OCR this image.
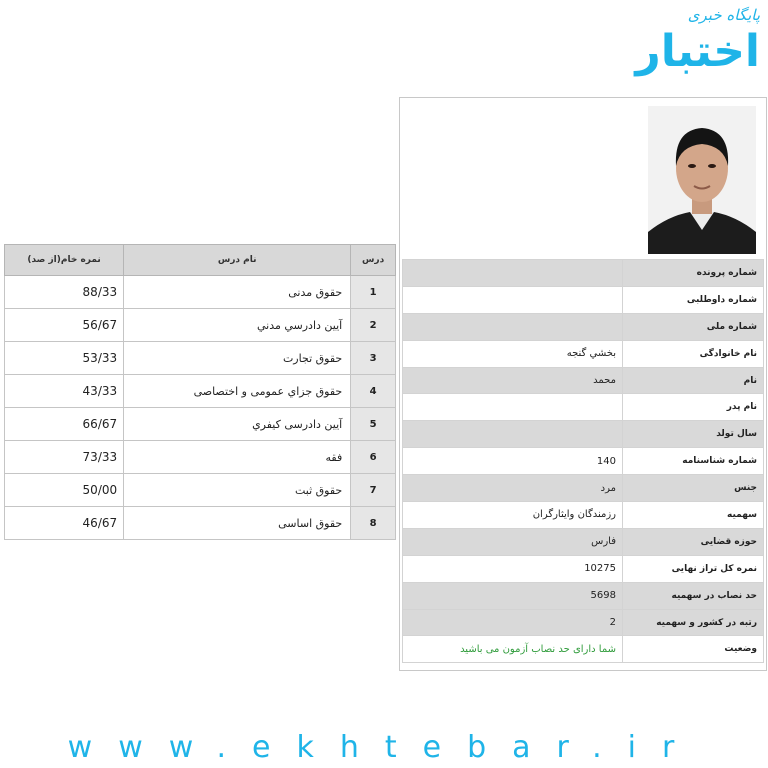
پایگاه خبری
اختبار
نمره خام(از صد)	نام درس	درس
88/33	حقوق مدنی	1
56/67	آيين دادرسي مدني	2
53/33	حقوق تجارت	3
43/33	حقوق جزاي عمومی و اختصاصی	4
66/67	آيين دادرسی كيفري	5
73/33	فقه	6
50/00	حقوق ثبت	7
46/67	حقوق اساسی	8
	شماره پرونده
	شماره داوطلبی
	شماره ملی
بخشي گنجه	نام خانوادگی
محمد	نام
	نام پدر
	سال تولد
140	شماره شناسنامه
مرد	جنس
رزمندگان وايثارگران	سهمیه
فارس	حوزه قضایی
10275	نمره کل تراز نهایی
5698	حد نصاب در سهمیه
2	رتبه در کشور و سهمیه
شما دارای حد نصاب آزمون می باشید	وضعیت
www.ekhtebar.ir
